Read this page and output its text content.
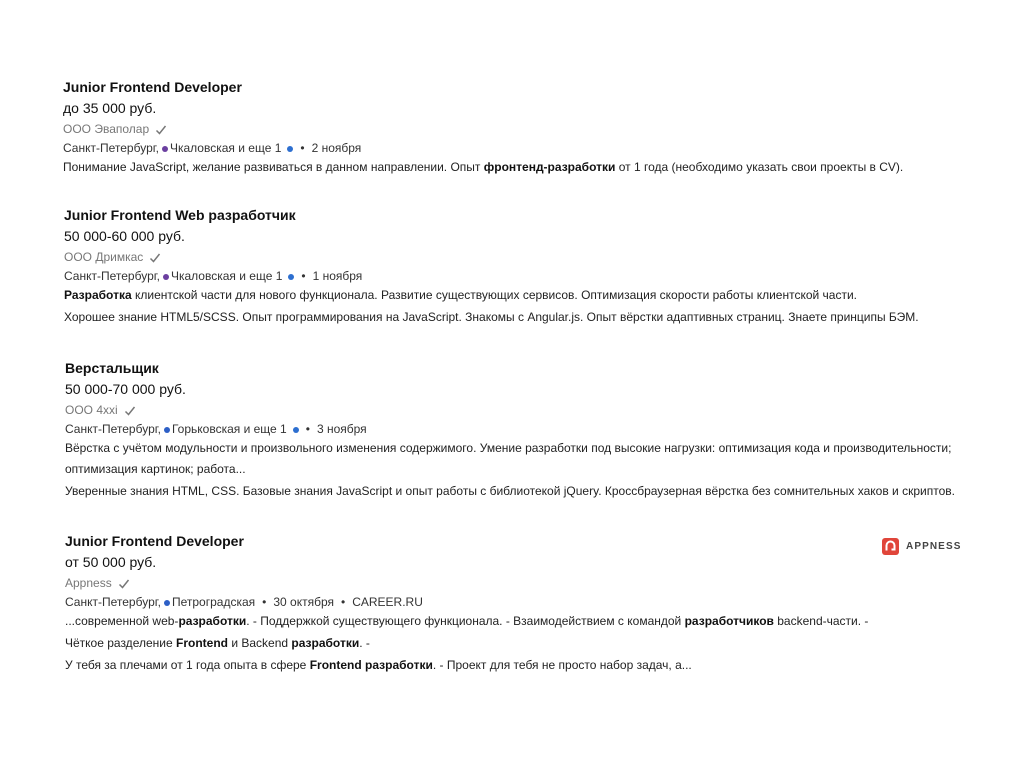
Junior Frontend Developer
до 35 000 руб.
ООО Эваполар
Санкт-Петербург, Чкаловская и еще 1 • 2 ноября
Понимание JavaScript, желание развиваться в данном направлении. Опыт фронтенд-разработки от 1 года (необходимо указать свои проекты в CV).
Junior Frontend Web разработчик
50 000-60 000 руб.
ООО Дримкас
Санкт-Петербург, Чкаловская и еще 1 • 1 ноября
Разработка клиентской части для нового функционала. Развитие существующих сервисов. Оптимизация скорости работы клиентской части.
Хорошее знание HTML5/SCSS. Опыт программирования на JavaScript. Знакомы с Angular.js. Опыт вёрстки адаптивных страниц. Знаете принципы БЭМ.
Верстальщик
50 000-70 000 руб.
ООО 4xxi
Санкт-Петербург, Горьковская и еще 1 • 3 ноября
Вёрстка с учётом модульности и произвольного изменения содержимого. Умение разработки под высокие нагрузки: оптимизация кода и производительности; оптимизация картинок; работа...
Уверенные знания HTML, CSS. Базовые знания JavaScript и опыт работы с библиотекой jQuery. Кроссбраузерная вёрстка без сомнительных хаков и скриптов.
Junior Frontend Developer
от 50 000 руб.
Appness
Санкт-Петербург, Петроградская • 30 октября • CAREER.RU
...современной web-разработки. - Поддержкой существующего функционала. - Взаимодействием с командой разработчиков backend-части. -
Чёткое разделение Frontend и Backend разработки. -
У тебя за плечами от 1 года опыта в сфере Frontend разработки. - Проект для тебя не просто набор задач, а...
APPNESS
